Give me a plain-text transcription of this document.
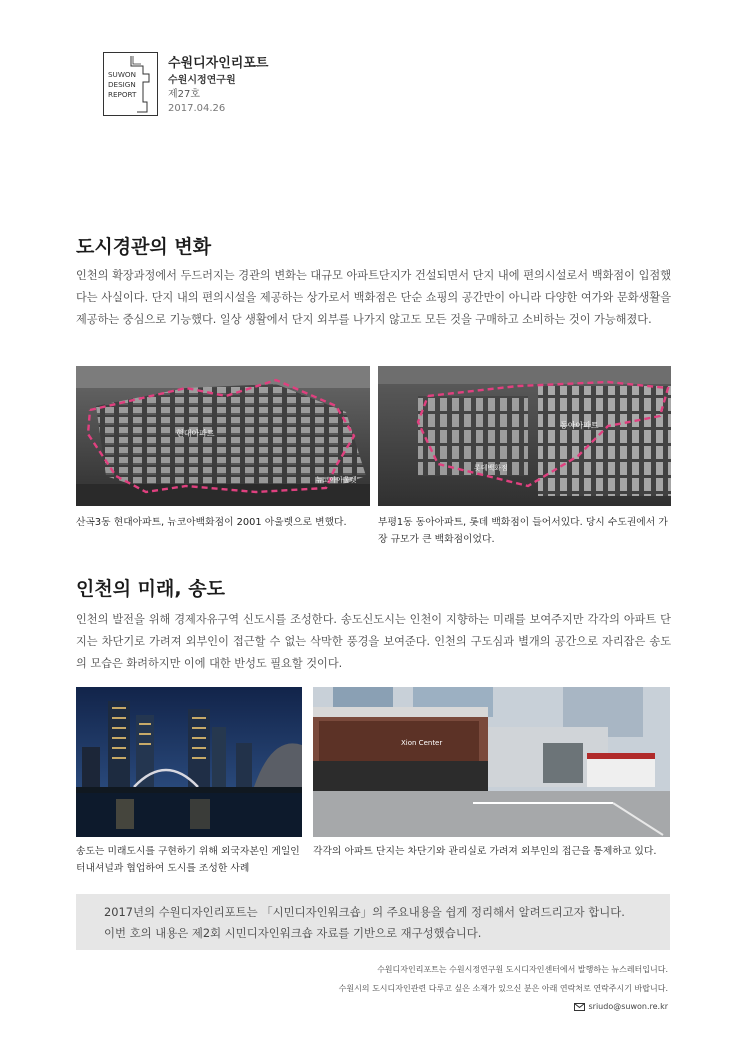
SUWON
DESIGN
REPORT
수원디자인리포트
수원시정연구원
제27호
2017.04.26
도시경관의 변화
인천의 확장과정에서 두드러지는 경관의 변화는 대규모 아파트단지가 건설되면서 단지 내에 편의시설로서 백화점이 입점했다는 사실이다. 단지 내의 편의시설을 제공하는 상가로서 백화점은 단순 쇼핑의 공간만이 아니라 다양한 여가와 문화생활을 제공하는 중심으로 기능했다. 일상 생활에서 단지 외부를 나가지 않고도 모든 것을 구매하고 소비하는 것이 가능해졌다.
현대아파트
뉴코아아울렛
동아아파트
롯데백화점
산곡3동 현대아파트, 뉴코아백화점이 2001 아울렛으로 변했다.	부평1동 동아아파트, 롯데 백화점이 들어서있다. 당시 수도권에서 가장 규모가 큰 백화점이었다.
인천의 미래, 송도
인천의 발전을 위해 경제자유구역 신도시를 조성한다. 송도신도시는 인천이 지향하는 미래를 보여주지만 각각의 아파트 단지는 차단기로 가려져 외부인이 접근할 수 없는 삭막한 풍경을 보여준다. 인천의 구도심과 별개의 공간으로 자리잡은 송도의 모습은 화려하지만 이에 대한 반성도 필요할 것이다.
Xion Center
송도는 미래도시를 구현하기 위해 외국자본인 게일인터내셔널과 협업하여 도시를 조성한 사례
각각의 아파트 단지는 차단기와 관리실로 가려져 외부인의 접근을 통제하고 있다.

2017년의 수원디자인리포트는 「시민디자인워크숍」의 주요내용을 쉽게 정리해서 알려드리고자 합니다.

이번 호의 내용은 제2회 시민디자인워크숍 자료를 기반으로 재구성했습니다.

수원디자인리포트는 수원시정연구원 도시디자인센터에서 발행하는 뉴스레터입니다.
수원시의 도시디자인관련 다루고 싶은 소재가 있으신 분은 아래 연락처로 연락주시기 바랍니다.
sriudo@suwon.re.kr
